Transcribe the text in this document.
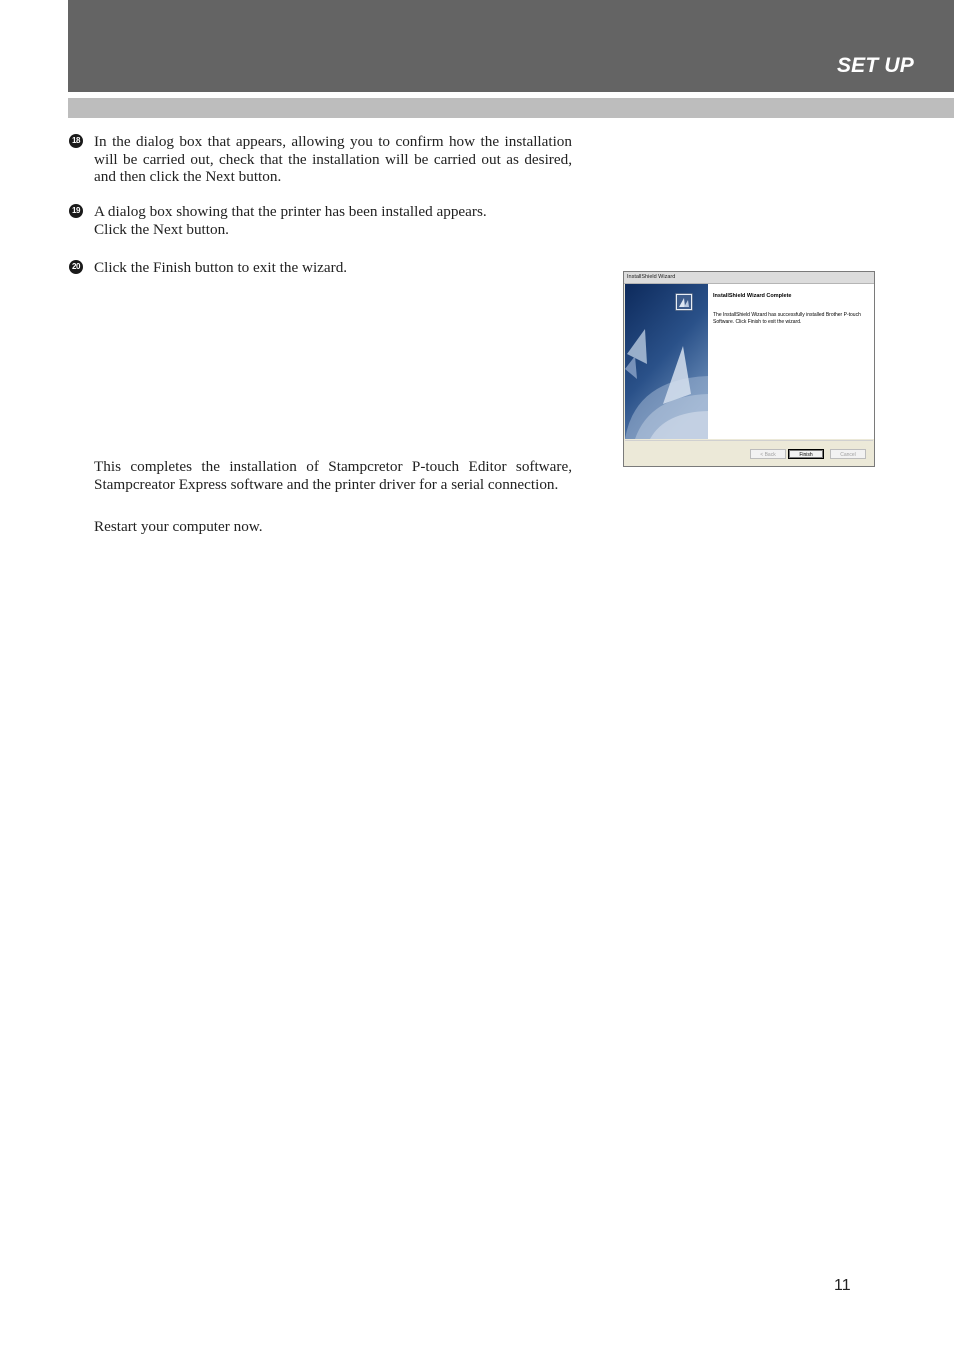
SET UP
18 In the dialog box that appears, allowing you to confirm how the installation will be carried out, check that the installation will be carried out as desired, and then click the Next button.
19 A dialog box showing that the printer has been installed appears.

Click the Next button.

20 Click the Finish button to exit the wizard.
This completes the installation of Stampcretor P-touch Editor software, Stampcreator Express software and the printer driver for a serial connection.
Restart your computer now.
InstallShield Wizard
InstallShield Wizard Complete
The InstallShield Wizard has successfully installed Brother P-touch Software. Click Finish to exit the wizard.
< Back	Finish	Cancel
11
